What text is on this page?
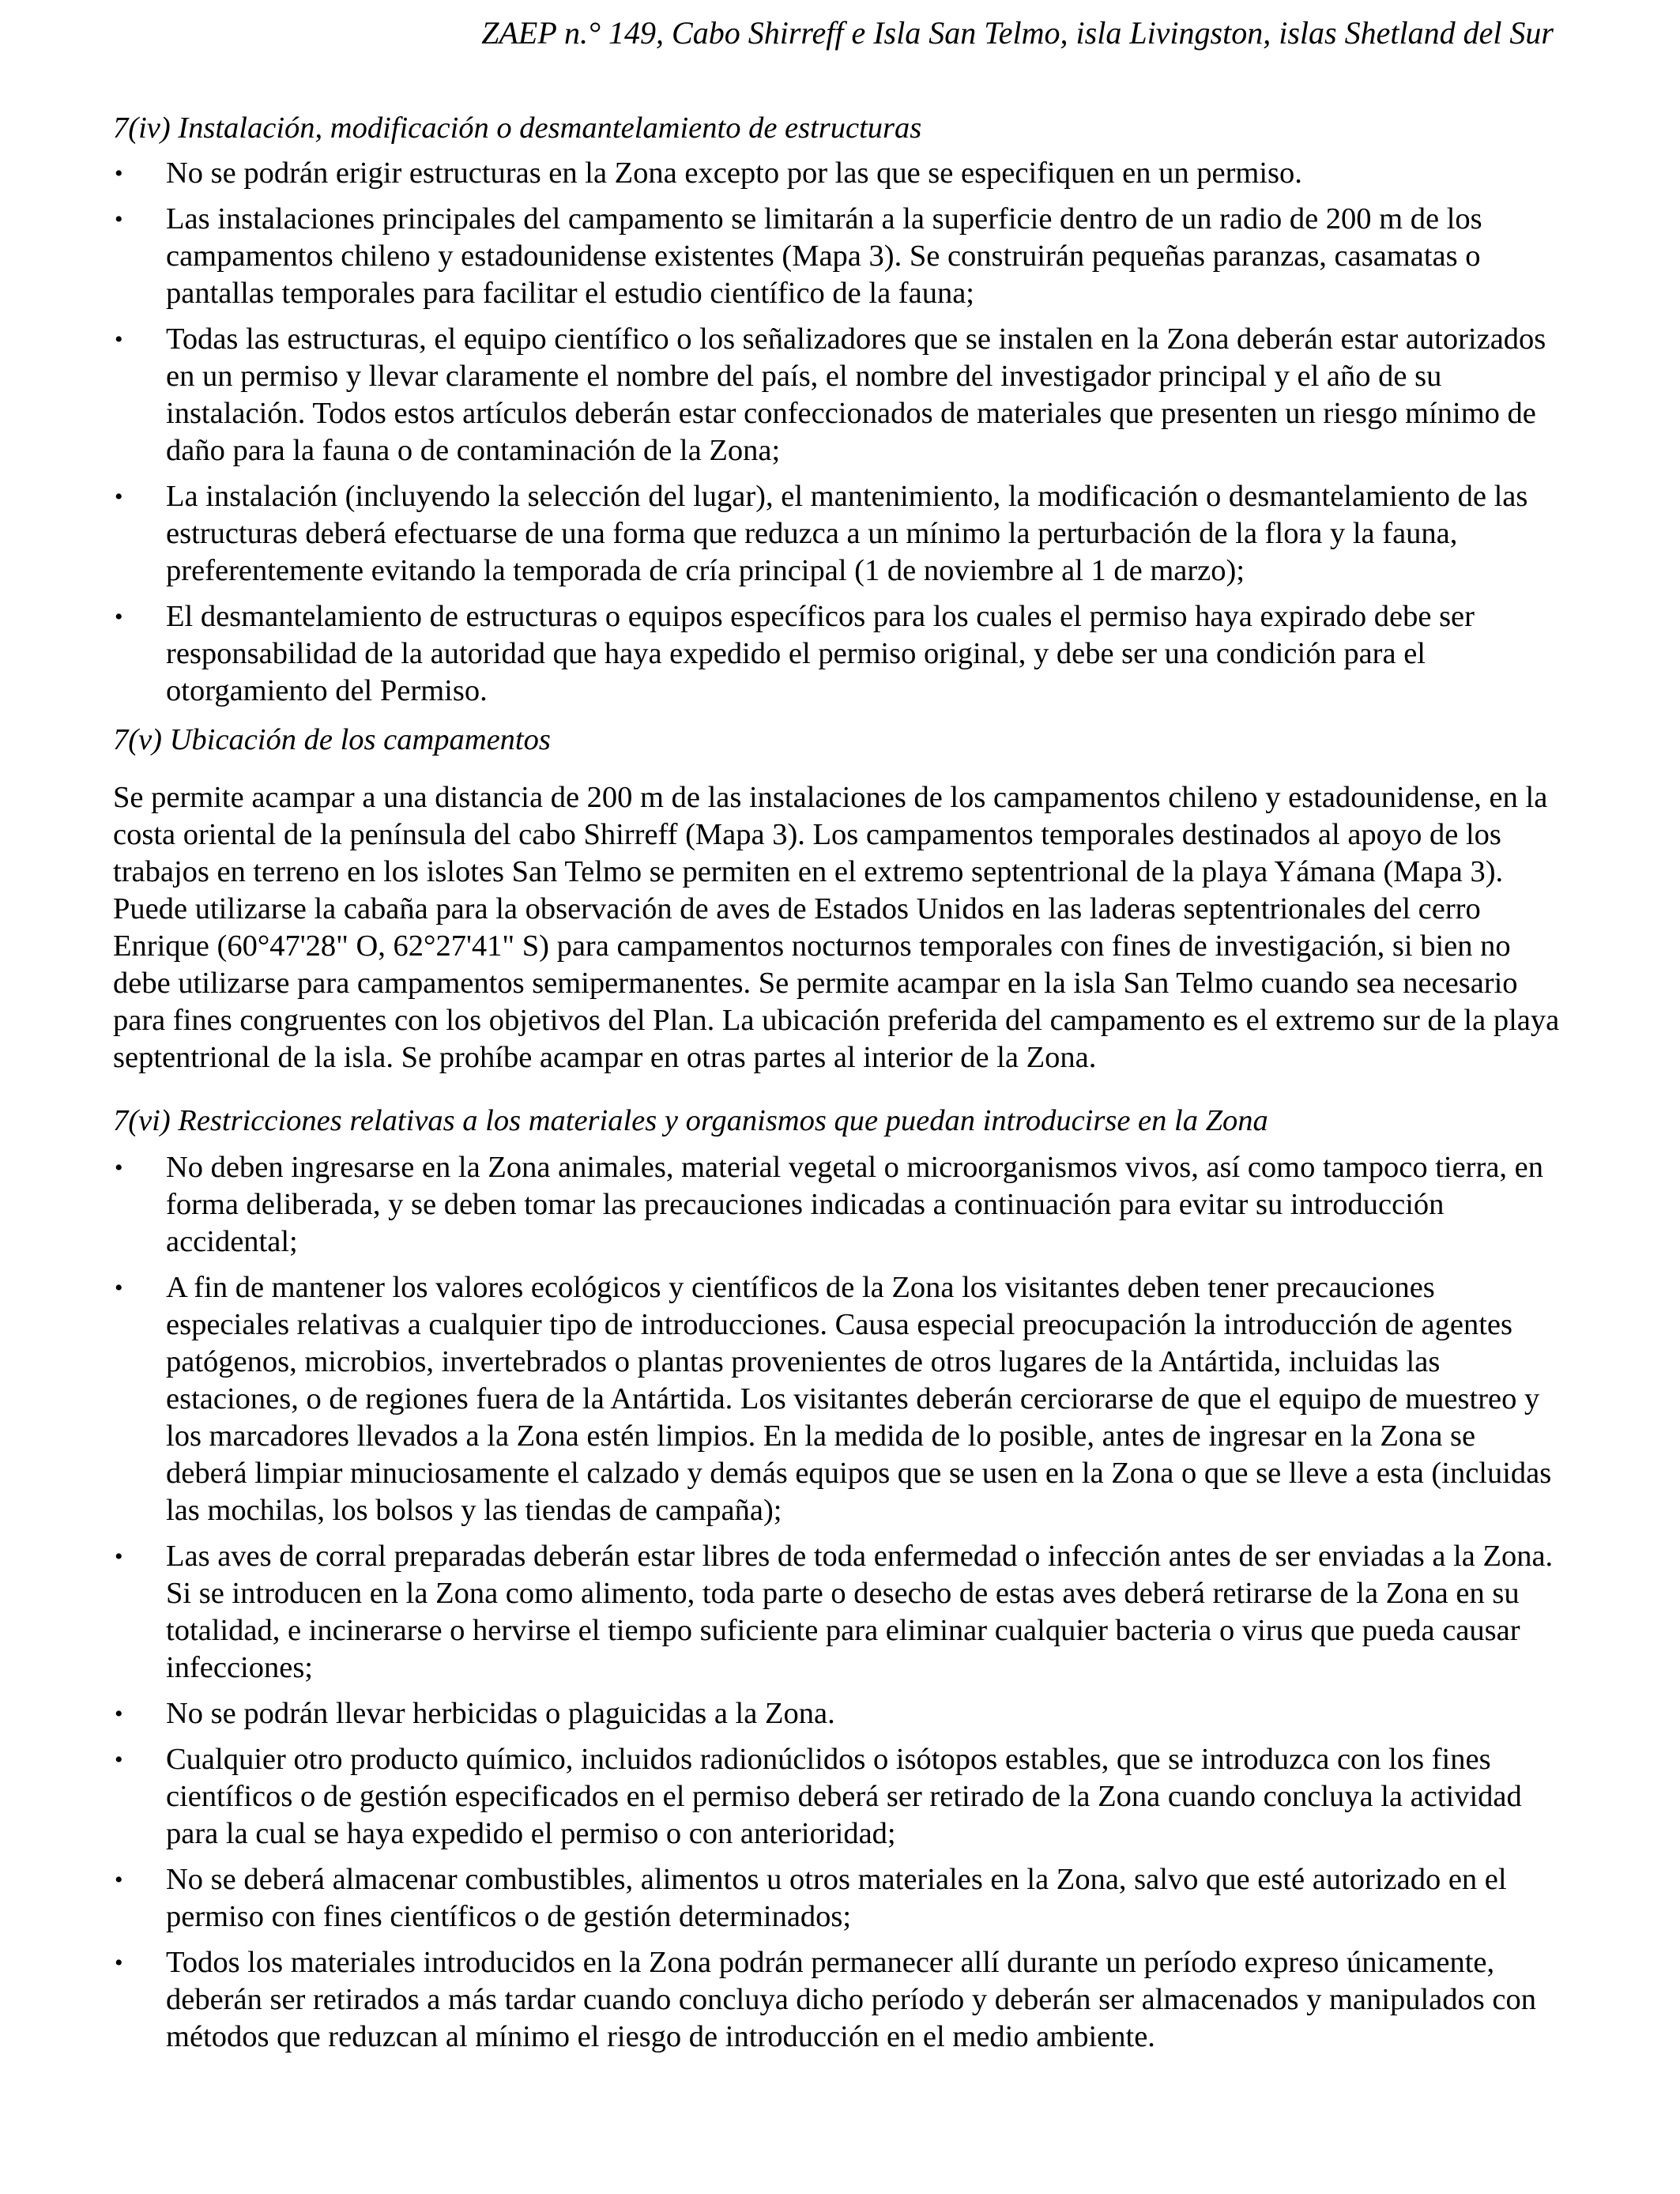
ZAEP n.° 149, Cabo Shirreff e Isla San Telmo, isla Livingston, islas Shetland del Sur

7(iv) Instalación, modificación o desmantelamiento de estructuras

• No se podrán erigir estructuras en la Zona excepto por las que se especifiquen en un permiso.
• Las instalaciones principales del campamento se limitarán a la superficie dentro de un radio de 200 m de los campamentos chileno y estadounidense existentes (Mapa 3). Se construirán pequeñas paranzas, casamatas o pantallas temporales para facilitar el estudio científico de la fauna;
• Todas las estructuras, el equipo científico o los señalizadores que se instalen en la Zona deberán estar autorizados en un permiso y llevar claramente el nombre del país, el nombre del investigador principal y el año de su instalación. Todos estos artículos deberán estar confeccionados de materiales que presenten un riesgo mínimo de daño para la fauna o de contaminación de la Zona;
• La instalación (incluyendo la selección del lugar), el mantenimiento, la modificación o desmantelamiento de las estructuras deberá efectuarse de una forma que reduzca a un mínimo la perturbación de la flora y la fauna, preferentemente evitando la temporada de cría principal (1 de noviembre al 1 de marzo);
• El desmantelamiento de estructuras o equipos específicos para los cuales el permiso haya expirado debe ser responsabilidad de la autoridad que haya expedido el permiso original, y debe ser una condición para el otorgamiento del Permiso.

7(v) Ubicación de los campamentos

Se permite acampar a una distancia de 200 m de las instalaciones de los campamentos chileno y estadounidense, en la costa oriental de la península del cabo Shirreff (Mapa 3). Los campamentos temporales destinados al apoyo de los trabajos en terreno en los islotes San Telmo se permiten en el extremo septentrional de la playa Yámana (Mapa 3). Puede utilizarse la cabaña para la observación de aves de Estados Unidos en las laderas septentrionales del cerro Enrique (60°47'28" O, 62°27'41" S) para campamentos nocturnos temporales con fines de investigación, si bien no debe utilizarse para campamentos semipermanentes. Se permite acampar en la isla San Telmo cuando sea necesario para fines congruentes con los objetivos del Plan. La ubicación preferida del campamento es el extremo sur de la playa septentrional de la isla. Se prohíbe acampar en otras partes al interior de la Zona.

7(vi) Restricciones relativas a los materiales y organismos que puedan introducirse en la Zona

• No deben ingresarse en la Zona animales, material vegetal o microorganismos vivos, así como tampoco tierra, en forma deliberada, y se deben tomar las precauciones indicadas a continuación para evitar su introducción accidental;
• A fin de mantener los valores ecológicos y científicos de la Zona los visitantes deben tener precauciones especiales relativas a cualquier tipo de introducciones. Causa especial preocupación la introducción de agentes patógenos, microbios, invertebrados o plantas provenientes de otros lugares de la Antártida, incluidas las estaciones, o de regiones fuera de la Antártida. Los visitantes deberán cerciorarse de que el equipo de muestreo y los marcadores llevados a la Zona estén limpios. En la medida de lo posible, antes de ingresar en la Zona se deberá limpiar minuciosamente el calzado y demás equipos que se usen en la Zona o que se lleve a esta (incluidas las mochilas, los bolsos y las tiendas de campaña);
• Las aves de corral preparadas deberán estar libres de toda enfermedad o infección antes de ser enviadas a la Zona. Si se introducen en la Zona como alimento, toda parte o desecho de estas aves deberá retirarse de la Zona en su totalidad, e incinerarse o hervirse el tiempo suficiente para eliminar cualquier bacteria o virus que pueda causar infecciones;
• No se podrán llevar herbicidas o plaguicidas a la Zona.
• Cualquier otro producto químico, incluidos radionúclidos o isótopos estables, que se introduzca con los fines científicos o de gestión especificados en el permiso deberá ser retirado de la Zona cuando concluya la actividad para la cual se haya expedido el permiso o con anterioridad;
• No se deberá almacenar combustibles, alimentos u otros materiales en la Zona, salvo que esté autorizado en el permiso con fines científicos o de gestión determinados;
• Todos los materiales introducidos en la Zona podrán permanecer allí durante un período expreso únicamente, deberán ser retirados a más tardar cuando concluya dicho período y deberán ser almacenados y manipulados con métodos que reduzcan al mínimo el riesgo de introducción en el medio ambiente.
